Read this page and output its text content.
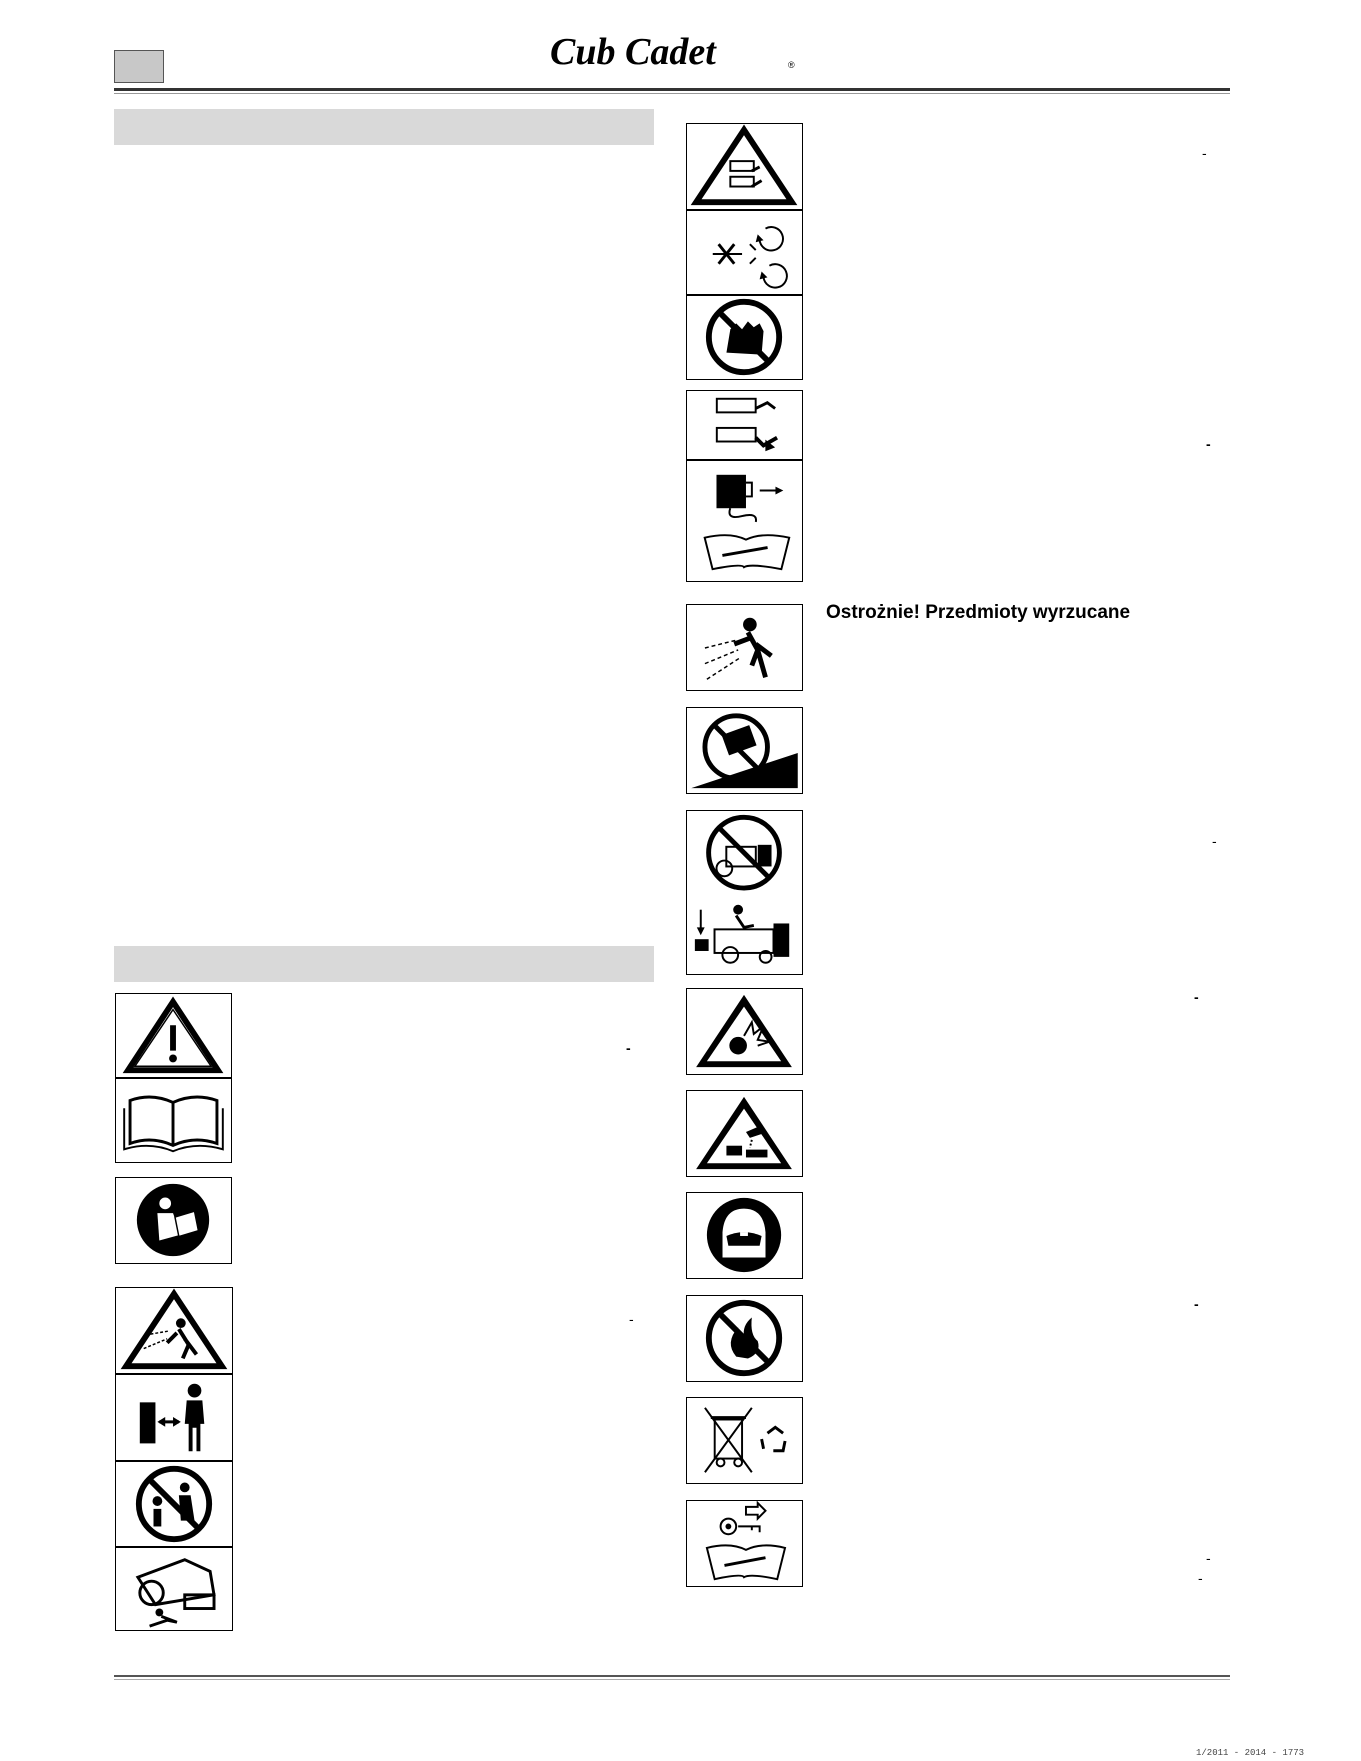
Cub Cadet	®
-
-
Ostrożnie! Przedmioty wyrzucane
-
-
-
-
-
-
-
1/2011 - 2014 - 1773
